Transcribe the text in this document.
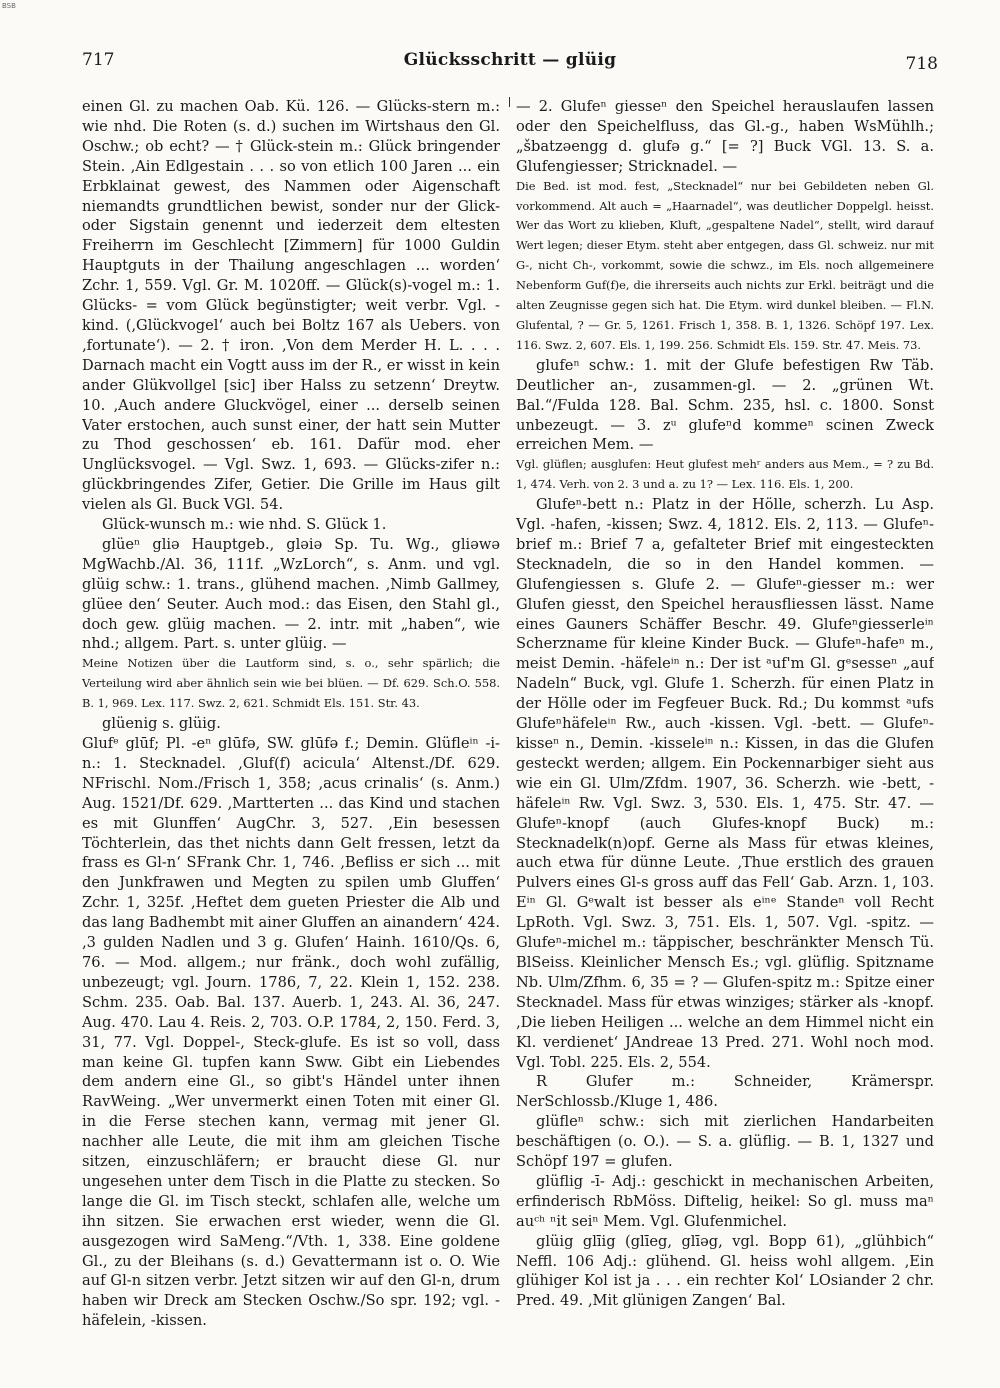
BSB
717	Glücksschritt — glüig	718

einen Gl. zu machen Oab. Kü. 126. — Glücks-stern m.: wie nhd. Die Roten (s. d.) suchen im Wirtshaus den Gl. Oschw.; ob echt? — † Glück-stein m.: Glück bringender Stein. ‚Ain Edlgestain . . . so von etlich 100 Jaren ... ein Erbklainat gewest, des Nammen oder Aigenschaft niemandts grundtlichen bewist, sonder nur der Glick- oder Sigstain genennt und iederzeit dem eltesten Freiherrn im Geschlecht [Zimmern] für 1000 Guldin Hauptguts in der Thailung angeschlagen ... worden‘ Zchr. 1, 559. Vgl. Gr. M. 1020ff. — Glück(s)-vogel m.: 1. Glücks- = vom Glück begünstigter; weit verbr. Vgl. -kind. (‚Glückvogel‘ auch bei Boltz 167 als Uebers. von ‚fortunate‘). — 2. † iron. ‚Von dem Merder H. L. . . . Darnach macht ein Vogtt auss im der R., er wisst in kein ander Glükvollgel [sic] iber Halss zu setzenn‘ Dreytw. 10. ‚Auch andere Gluckvögel, einer ... derselb seinen Vater erstochen, auch sunst einer, der hatt sein Mutter zu Thod geschossen‘ eb. 161. Dafür mod. eher Unglücksvogel. — Vgl. Swz. 1, 693. — Glücks-zifer n.: glückbringendes Zifer, Getier. Die Grille im Haus gilt vielen als Gl. Buck VGl. 54.

Glück-wunsch m.: wie nhd. S. Glück 1.

glüeⁿ gliə Hauptgeb., gləiə Sp. Tu. Wg., gliəwə MgWachb./Al. 36, 111f. „WzLorch“, s. Anm. und vgl. glüig schw.: 1. trans., glühend machen. ‚Nimb Gallmey, glüee den‘ Seuter. Auch mod.: das Eisen, den Stahl gl., doch gew. glüig machen. — 2. intr. mit „haben“, wie nhd.; allgem. Part. s. unter glüig. —

Meine Notizen über die Lautform sind, s. o., sehr spärlich; die Verteilung wird aber ähnlich sein wie bei blüen. — Df. 629. Sch.O. 558. B. 1, 969. Lex. 117. Swz. 2, 621. Schmidt Els. 151. Str. 43.

glüenig s. glüig.

Glufᵉ glūf; Pl. -eⁿ glūfə, SW. glūfə f.; Demin. Glüfleⁱⁿ -i- n.: 1. Stecknadel. ‚Gluf(f) acicula‘ Altenst./Df. 629. NFrischl. Nom./Frisch 1, 358; ‚acus crinalis‘ (s. Anm.) Aug. 1521/Df. 629. ‚Martterten ... das Kind und stachen es mit Glunffen‘ AugChr. 3, 527. ‚Ein besessen Töchterlein, das thet nichts dann Gelt fressen, letzt da frass es Gl-n‘ SFrank Chr. 1, 746. ‚Befliss er sich ... mit den Junkfrawen und Megten zu spilen umb Gluffen‘ Zchr. 1, 325f. ‚Heftet dem gueten Priester die Alb und das lang Badhembt mit ainer Gluffen an ainandern‘ 424. ‚3 gulden Nadlen und 3 g. Glufen‘ Hainh. 1610/Qs. 6, 76. — Mod. allgem.; nur fränk., doch wohl zufällig, unbezeugt; vgl. Journ. 1786, 7, 22. Klein 1, 152. 238. Schm. 235. Oab. Bal. 137. Auerb. 1, 243. Al. 36, 247. Aug. 470. Lau 4. Reis. 2, 703. O.P. 1784, 2, 150. Ferd. 3, 31, 77. Vgl. Doppel-, Steck-glufe. Es ist so voll, dass man keine Gl. tupfen kann Sww. Gibt ein Liebendes dem andern eine Gl., so gibt's Händel unter ihnen RavWeing. „Wer unvermerkt einen Toten mit einer Gl. in die Ferse stechen kann, vermag mit jener Gl. nachher alle Leute, die mit ihm am gleichen Tische sitzen, einzuschläfern; er braucht diese Gl. nur ungesehen unter dem Tisch in die Platte zu stecken. So lange die Gl. im Tisch steckt, schlafen alle, welche um ihn sitzen. Sie erwachen erst wieder, wenn die Gl. ausgezogen wird SaMeng.“/Vth. 1, 338. Eine goldene Gl., zu der Bleihans (s. d.) Gevattermann ist o. O. Wie auf Gl-n sitzen verbr. Jetzt sitzen wir auf den Gl-n, drum haben wir Dreck am Stecken Oschw./So spr. 192; vgl. -häfelein, -kissen.

— 2. Glufeⁿ giesseⁿ den Speichel herauslaufen lassen oder den Speichelfluss, das Gl.-g., haben WsMühlh.; „šbatzəengg d. glufə g.“ [= ?] Buck VGl. 13. S. a. Glufengiesser; Stricknadel. —

Die Bed. ist mod. fest, „Stecknadel“ nur bei Gebildeten neben Gl. vorkommend. Alt auch = „Haarnadel“, was deutlicher Doppelgl. heisst. Wer das Wort zu klieben, Kluft, „gespaltene Nadel“, stellt, wird darauf Wert legen; dieser Etym. steht aber entgegen, dass Gl. schweiz. nur mit G-, nicht Ch-, vorkommt, sowie die schwz., im Els. noch allgemeinere Nebenform Guf(f)e, die ihrerseits auch nichts zur Erkl. beiträgt und die alten Zeugnisse gegen sich hat. Die Etym. wird dunkel bleiben. — Fl.N. Glufental, ? — Gr. 5, 1261. Frisch 1, 358. B. 1, 1326. Schöpf 197. Lex. 116. Swz. 2, 607. Els. 1, 199. 256. Schmidt Els. 159. Str. 47. Meis. 73.

glufeⁿ schw.: 1. mit der Glufe befestigen Rw Täb. Deutlicher an-, zusammen-gl. — 2. „grünen Wt. Bal.“/Fulda 128. Bal. Schm. 235, hsl. c. 1800. Sonst unbezeugt. — 3. zᵘ glufeⁿd kommeⁿ scinen Zweck erreichen Mem. —

Vgl. glüflen; ausglufen: Heut glufest mehʳ anders aus Mem., = ? zu Bd. 1, 474. Verh. von 2. 3 und a. zu 1? — Lex. 116. Els. 1, 200.

Glufeⁿ-bett n.: Platz in der Hölle, scherzh. Lu Asp. Vgl. -hafen, -kissen; Swz. 4, 1812. Els. 2, 113. — Glufeⁿ-brief m.: Brief 7 a, gefalteter Brief mit eingesteckten Stecknadeln, die so in den Handel kommen. — Glufengiessen s. Glufe 2. — Glufeⁿ-giesser m.: wer Glufen giesst, den Speichel herausfliessen lässt. Name eines Gauners Schäffer Beschr. 49. Glufeⁿgiesserleⁱⁿ Scherzname für kleine Kinder Buck. — Glufeⁿ-hafeⁿ m., meist Demin. -häfeleⁱⁿ n.: Der ist ᵃuf'm Gl. gᵉsesseⁿ „auf Nadeln“ Buck, vgl. Glufe 1. Scherzh. für einen Platz in der Hölle oder im Fegfeuer Buck. Rd.; Du kommst ᵃufs Glufeⁿhäfeleⁱⁿ Rw., auch -kissen. Vgl. -bett. — Glufeⁿ-kisseⁿ n., Demin. -kisseleⁱⁿ n.: Kissen, in das die Glufen gesteckt werden; allgem. Ein Pockennarbiger sieht aus wie ein Gl. Ulm/Zfdm. 1907, 36. Scherzh. wie -bett, -häfeleⁱⁿ Rw. Vgl. Swz. 3, 530. Els. 1, 475. Str. 47. — Glufeⁿ-knopf (auch Glufes-knopf Buck) m.: Stecknadelk(n)opf. Gerne als Mass für etwas kleines, auch etwa für dünne Leute. ‚Thue erstlich des grauen Pulvers eines Gl-s gross auff das Fell‘ Gab. Arzn. 1, 103. Eⁱⁿ Gl. Gᵉwalt ist besser als eⁱⁿᵉ Standeⁿ voll Recht LpRoth. Vgl. Swz. 3, 751. Els. 1, 507. Vgl. -spitz. — Glufeⁿ-michel m.: täppischer, beschränkter Mensch Tü. BlSeiss. Kleinlicher Mensch Es.; vgl. glüflig. Spitzname Nb. Ulm/Zfhm. 6, 35 = ? — Glufen-spitz m.: Spitze einer Stecknadel. Mass für etwas winziges; stärker als -knopf. ‚Die lieben Heiligen ... welche an dem Himmel nicht ein Kl. verdienet‘ JAndreae 13 Pred. 271. Wohl noch mod. Vgl. Tobl. 225. Els. 2, 554.

R Glufer m.: Schneider, Krämerspr. NerSchlossb./Kluge 1, 486.

glüfleⁿ schw.: sich mit zierlichen Handarbeiten beschäftigen (o. O.). — S. a. glüflig. — B. 1, 1327 und Schöpf 197 = glufen.

glüflig -ī- Adj.: geschickt in mechanischen Arbeiten, erfinderisch RbMöss. Diftelig, heikel: So gl. muss maⁿ auᶜʰ ⁿit seiⁿ Mem. Vgl. Glufenmichel.

glüig glīig (glīeg, glīəg, vgl. Bopp 61), „glühbich“ Neffl. 106 Adj.: glühend. Gl. heiss wohl allgem. ‚Ein glühiger Kol ist ja . . . ein rechter Kol‘ LOsiander 2 chr. Pred. 49. ‚Mit glünigen Zangen‘ Bal.
